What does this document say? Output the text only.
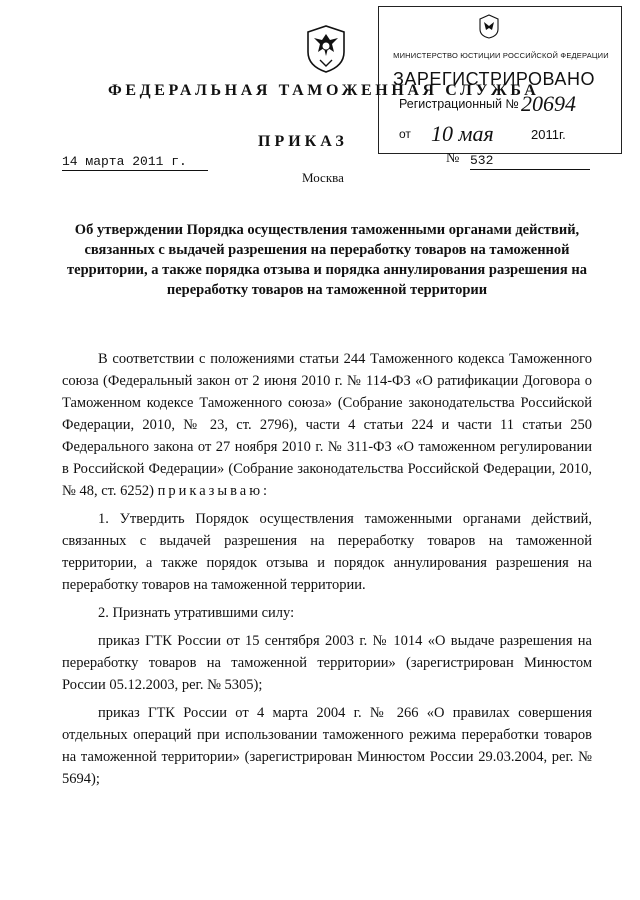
МИНИСТЕРСТВО ЮСТИЦИИ РОССИЙСКОЙ ФЕДЕРАЦИИ
ЗАРЕГИСТРИРОВАНО
Регистрационный № 20694
от 10 мая	2011г.
ФЕДЕРАЛЬНАЯ ТАМОЖЕННАЯ СЛУЖБА
ПРИКАЗ
14 марта 2011 г.	№ 532
Москва
Об утверждении Порядка осуществления таможенными органами действий, связанных с выдачей разрешения на переработку товаров на таможенной территории, а также порядка отзыва и порядка аннулирования разрешения на переработку товаров на таможенной территории

В соответствии с положениями статьи 244 Таможенного кодекса Таможенного союза (Федеральный закон от 2 июня 2010 г. № 114-ФЗ «О ратификации Договора о Таможенном кодексе Таможенного союза» (Собрание законодательства Российской Федерации, 2010, № 23, ст. 2796), части 4 статьи 224 и части 11 статьи 250 Федерального закона от 27 ноября 2010 г. № 311-ФЗ «О таможенном регулировании в Российской Федерации» (Собрание законодательства Российской Федерации, 2010, № 48, ст. 6252) приказываю:

1. Утвердить Порядок осуществления таможенными органами действий, связанных с выдачей разрешения на переработку товаров на таможенной территории, а также порядок отзыва и порядок аннулирования разрешения на переработку товаров на таможенной территории.

2. Признать утратившими силу:

приказ ГТК России от 15 сентября 2003 г. № 1014 «О выдаче разрешения на переработку товаров на таможенной территории» (зарегистрирован Минюстом России 05.12.2003, рег. № 5305);

приказ ГТК России от 4 марта 2004 г. № 266 «О правилах совершения отдельных операций при использовании таможенного режима переработки товаров на таможенной территории» (зарегистрирован Минюстом России 29.03.2004, рег. № 5694);
